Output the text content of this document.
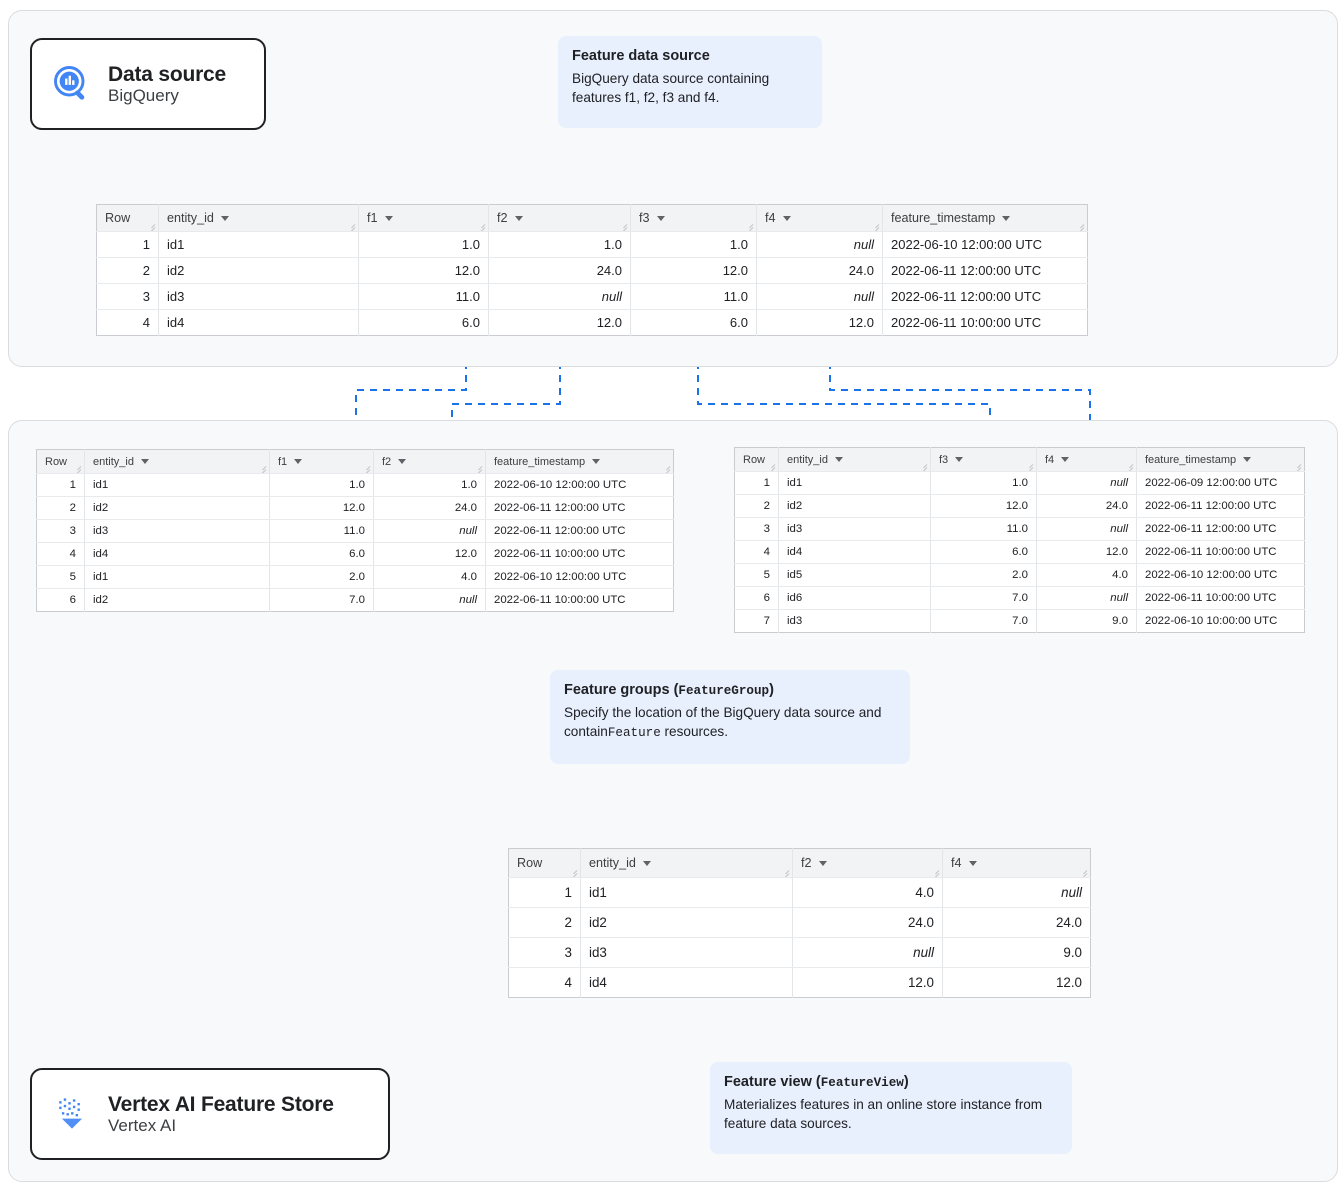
Data source
BigQuery
Vertex AI Feature Store
Vertex AI
Feature data source
BigQuery data source containing features f1, f2, f3 and f4.
Feature groups (FeatureGroup)
Specify the location of the BigQuery data source and containFeature resources.
Feature view (FeatureView)
Materializes features in an online store instance from feature data sources.
Row	entity_id	f1	f2	f3	f4	feature_timestamp

1	id1	1.0	1.0	1.0	null	2022-06-10 12:00:00 UTC
2	id2	12.0	24.0	12.0	24.0	2022-06-11 12:00:00 UTC
3	id3	11.0	null	11.0	null	2022-06-11 12:00:00 UTC
4	id4	6.0	12.0	6.0	12.0	2022-06-11 10:00:00 UTC
Row	entity_id	f1	f2	feature_timestamp

1	id1	1.0	1.0	2022-06-10 12:00:00 UTC
2	id2	12.0	24.0	2022-06-11 12:00:00 UTC
3	id3	11.0	null	2022-06-11 12:00:00 UTC
4	id4	6.0	12.0	2022-06-11 10:00:00 UTC
5	id1	2.0	4.0	2022-06-10 12:00:00 UTC
6	id2	7.0	null	2022-06-11 10:00:00 UTC
Row	entity_id	f3	f4	feature_timestamp

1	id1	1.0	null	2022-06-09 12:00:00 UTC
2	id2	12.0	24.0	2022-06-11 12:00:00 UTC
3	id3	11.0	null	2022-06-11 12:00:00 UTC
4	id4	6.0	12.0	2022-06-11 10:00:00 UTC
5	id5	2.0	4.0	2022-06-10 12:00:00 UTC
6	id6	7.0	null	2022-06-11 10:00:00 UTC
7	id3	7.0	9.0	2022-06-10 10:00:00 UTC
Row	entity_id	f2	f4

1	id1	4.0	null
2	id2	24.0	24.0
3	id3	null	9.0
4	id4	12.0	12.0
